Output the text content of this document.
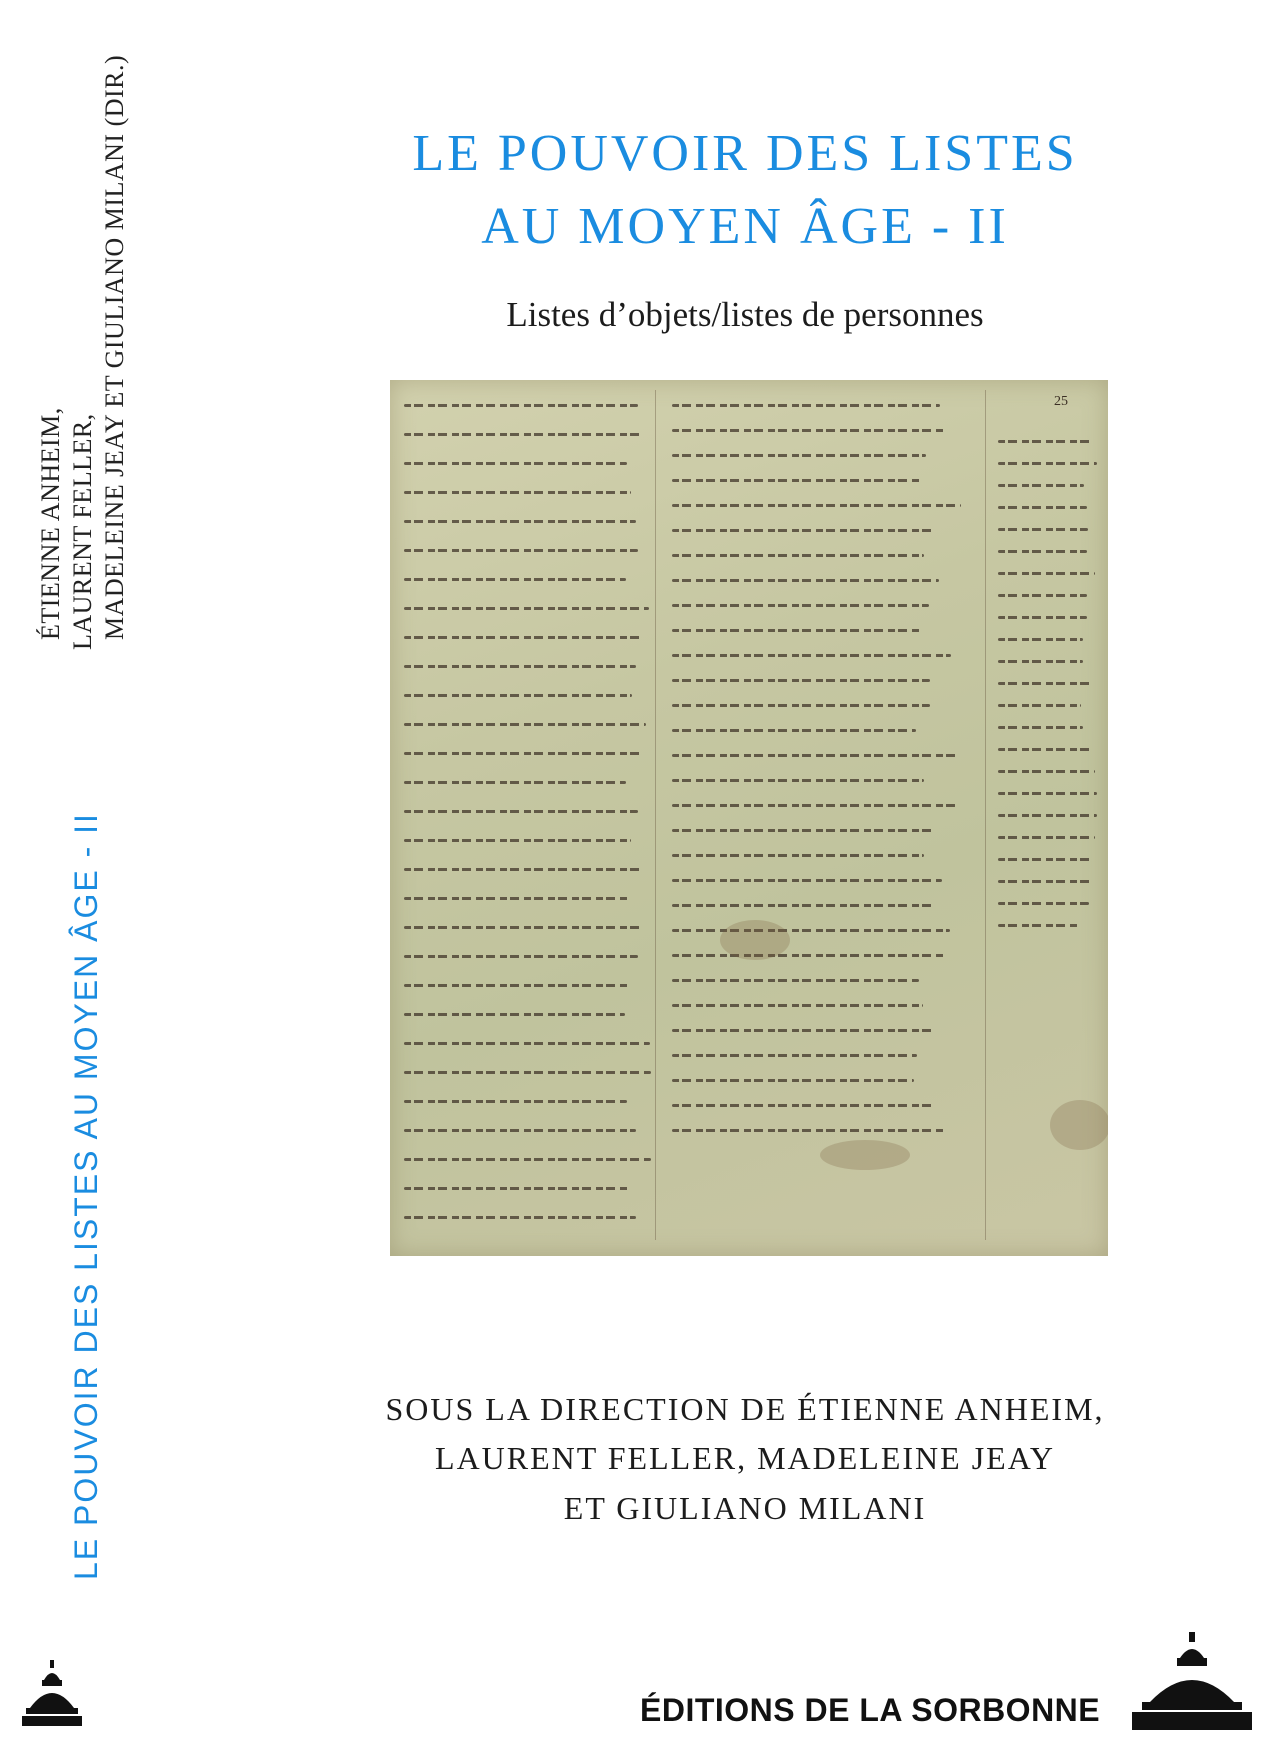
ÉTIENNE ANHEIM, LAURENT FELLER, MADELEINE JEAY ET GIULIANO MILANI (DIR.)
LE POUVOIR DES LISTES AU MOYEN ÂGE - II
LE POUVOIR DES LISTES
AU MOYEN ÂGE - II
Listes d’objets/listes de personnes
25
SOUS LA DIRECTION DE ÉTIENNE ANHEIM,
LAURENT FELLER, MADELEINE JEAY
ET GIULIANO MILANI
ÉDITIONS DE LA SORBONNE
